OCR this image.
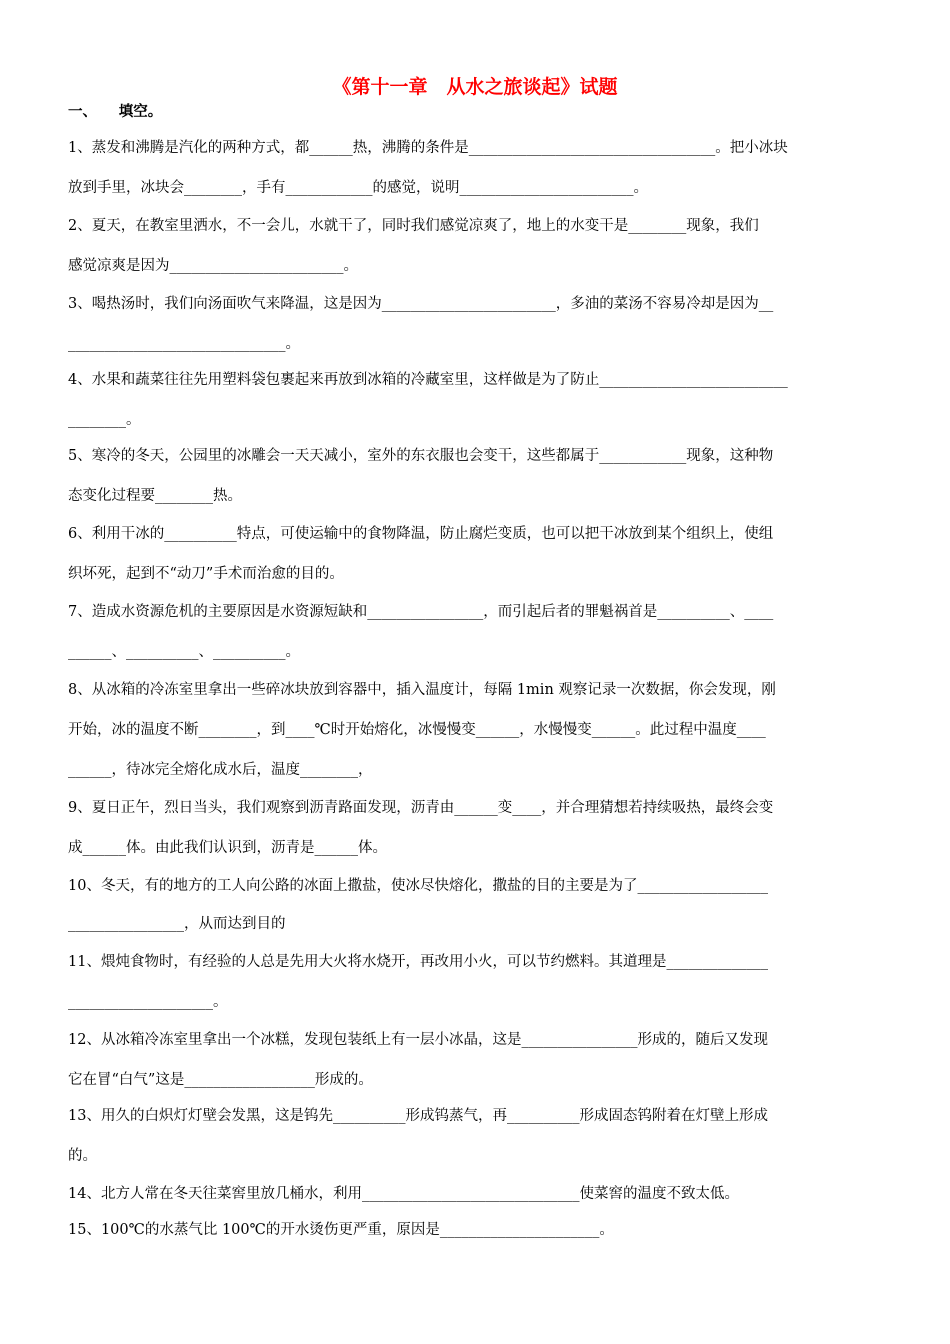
《第十一章　从水之旅谈起》试题
一、　　填空。
1、蒸发和沸腾是汽化的两种方式，都______热，沸腾的条件是__________________________________。把小冰块
放到手里，冰块会________，手有____________的感觉，说明________________________。
2、夏天，在教室里洒水，不一会儿，水就干了，同时我们感觉凉爽了，地上的水变干是________现象，我们
感觉凉爽是因为________________________。
3、喝热汤时，我们向汤面吹气来降温，这是因为________________________，多油的菜汤不容易冷却是因为__
______________________________。
4、水果和蔬菜往往先用塑料袋包裹起来再放到冰箱的冷藏室里，这样做是为了防止__________________________
________。
5、寒冷的冬天，公园里的冰雕会一天天减小，室外的东衣服也会变干，这些都属于____________现象，这种物
态变化过程要________热。
6、利用干冰的__________特点，可使运输中的食物降温，防止腐烂变质，也可以把干冰放到某个组织上，使组
织坏死，起到不“动刀”手术而治愈的目的。
7、造成水资源危机的主要原因是水资源短缺和________________，而引起后者的罪魁祸首是__________、____
______、__________、__________。
8、从冰箱的冷冻室里拿出一些碎冰块放到容器中，插入温度计，每隔 1min 观察记录一次数据，你会发现，刚
开始，冰的温度不断________，到____℃时开始熔化，冰慢慢变______，水慢慢变______。此过程中温度____
______，待冰完全熔化成水后，温度________，
9、夏日正午，烈日当头，我们观察到沥青路面发现，沥青由______变____，并合理猜想若持续吸热，最终会变
成______体。由此我们认识到，沥青是______体。
10、冬天，有的地方的工人向公路的冰面上撒盐，使冰尽快熔化，撒盐的目的主要是为了__________________
________________，从而达到目的
11、煨炖食物时，有经验的人总是先用大火将水烧开，再改用小火，可以节约燃料。其道理是______________
____________________。
12、从冰箱冷冻室里拿出一个冰糕，发现包装纸上有一层小冰晶，这是________________形成的，随后又发现
它在冒“白气”这是__________________形成的。
13、用久的白炽灯灯壁会发黑，这是钨先__________形成钨蒸气，再__________形成固态钨附着在灯壁上形成
的。
14、北方人常在冬天往菜窖里放几桶水，利用______________________________使菜窖的温度不致太低。
15、100℃的水蒸气比 100℃的开水烫伤更严重，原因是______________________。
